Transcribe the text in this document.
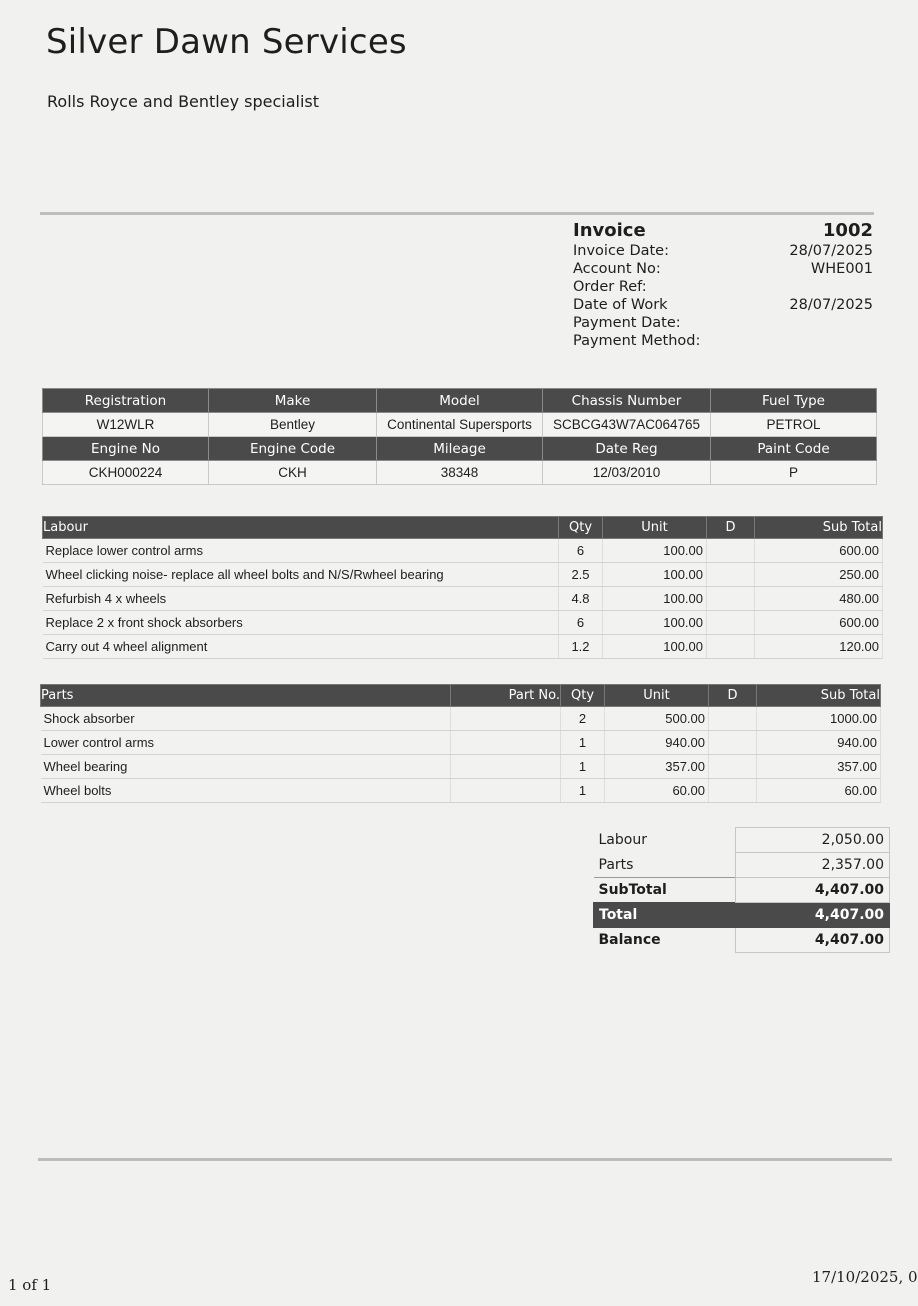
Silver Dawn Services
Rolls Royce and Bentley specialist
Invoice	1002
Invoice Date:	28/07/2025
Account No:	WHE001
Order Ref:
Date of Work	28/07/2025
Payment Date:
Payment Method:
Registration	Make	Model	Chassis Number	Fuel Type
W12WLR	Bentley	Continental Supersports	SCBCG43W7AC064765	PETROL
Engine No	Engine Code	Mileage	Date Reg	Paint Code
CKH000224	CKH	38348	12/03/2010	P
Labour	Qty	Unit	D	Sub Total
Replace lower control arms	6	100.00		600.00
Wheel clicking noise- replace all wheel bolts and N/S/Rwheel bearing	2.5	100.00		250.00
Refurbish 4 x wheels	4.8	100.00		480.00
Replace 2 x front shock absorbers	6	100.00		600.00
Carry out 4 wheel alignment	1.2	100.00		120.00
Parts	Part No.	Qty	Unit	D	Sub Total
Shock absorber		2	500.00		1000.00
Lower control arms		1	940.00		940.00
Wheel bearing		1	357.00		357.00
Wheel bolts		1	60.00		60.00
Labour	2,050.00
Parts	2,357.00
SubTotal	4,407.00
Total	4,407.00
Balance	4,407.00
1 of 1	17/10/2025, 0
